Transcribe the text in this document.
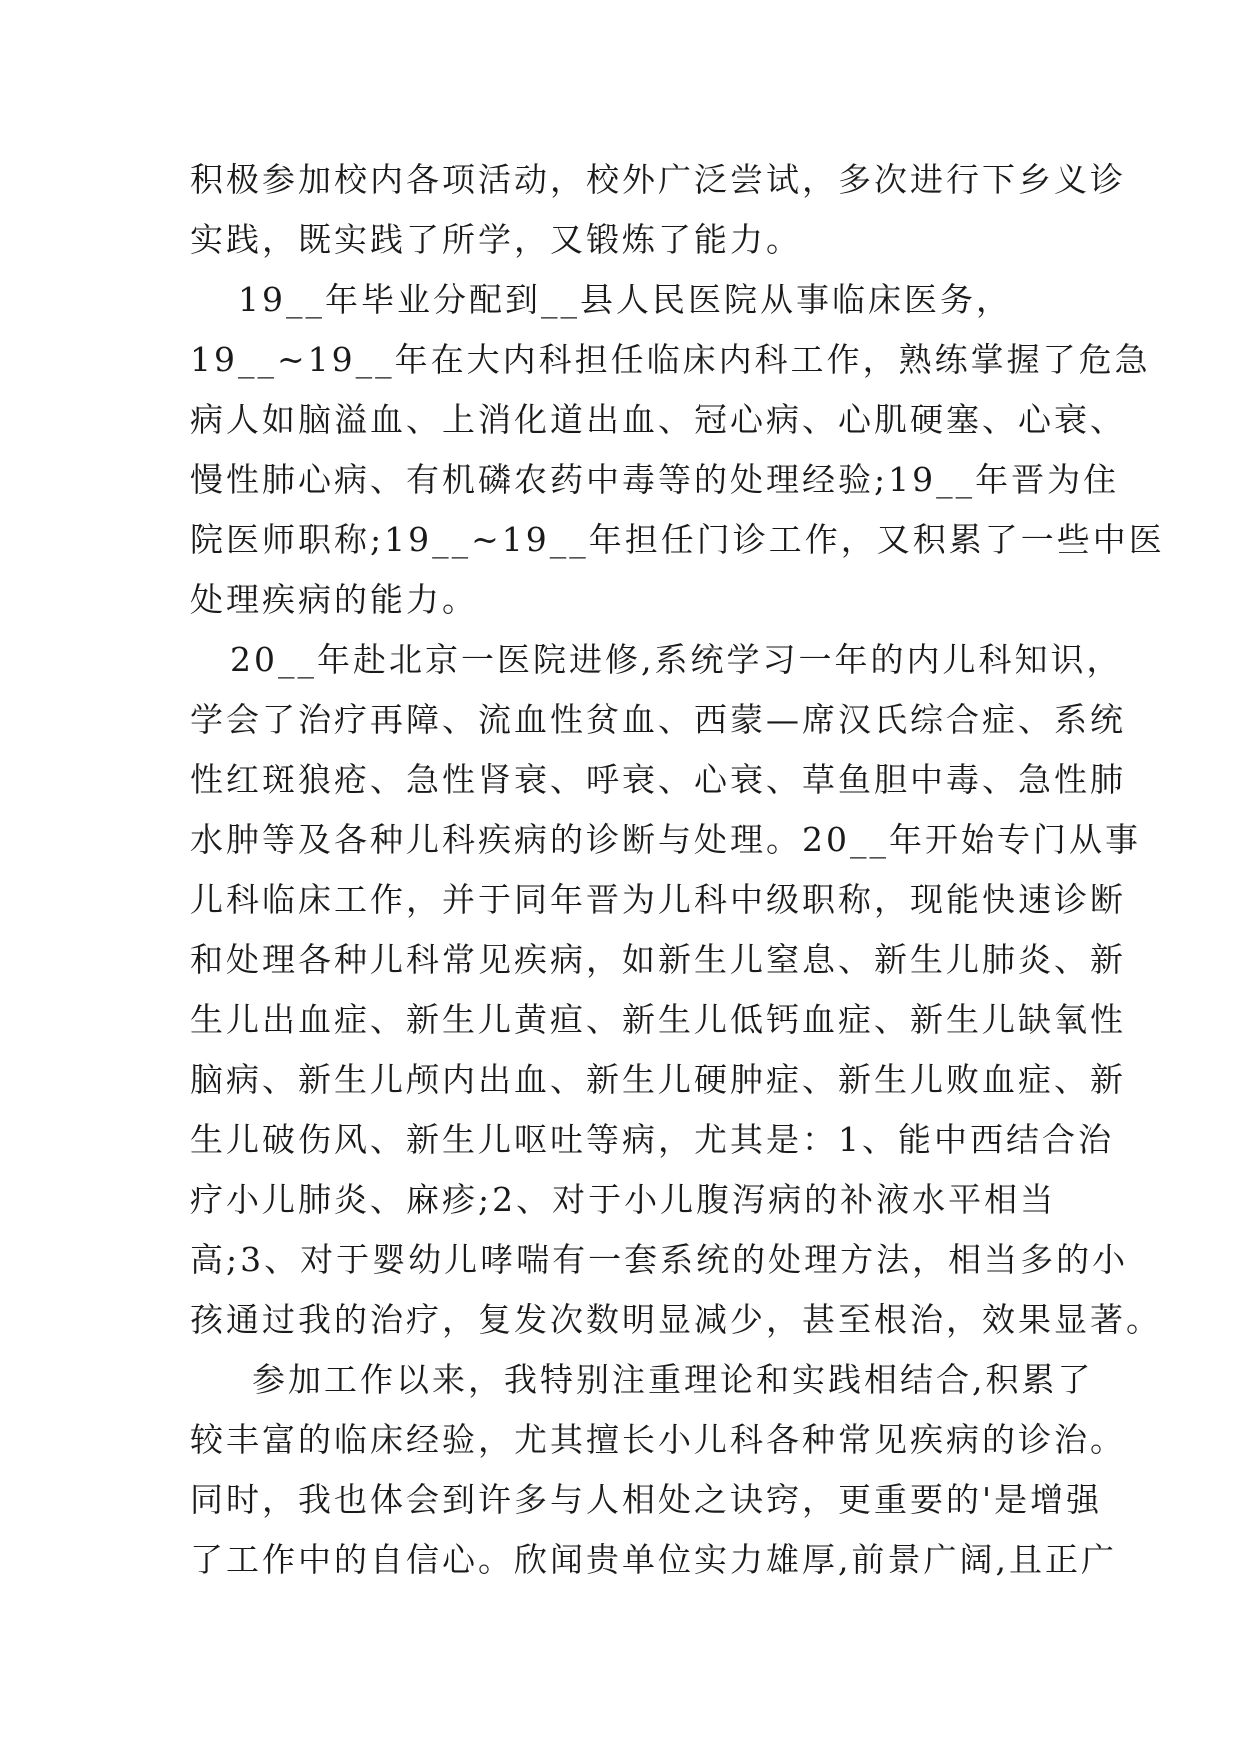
积极参加校内各项活动，校外广泛尝试，多次进行下乡义诊
实践，既实践了所学，又锻炼了能力。
19__年毕业分配到__县人民医院从事临床医务，
19__~19__年在大内科担任临床内科工作，熟练掌握了危急
病人如脑溢血、上消化道出血、冠心病、心肌硬塞、心衰、
慢性肺心病、有机磷农药中毒等的处理经验;19__年晋为住
院医师职称;19__~19__年担任门诊工作，又积累了一些中医
处理疾病的能力。
20__年赴北京一医院进修,系统学习一年的内儿科知识，
学会了治疗再障、流血性贫血、西蒙—席汉氏综合症、系统
性红斑狼疮、急性肾衰、呼衰、心衰、草鱼胆中毒、急性肺
水肿等及各种儿科疾病的诊断与处理。20__年开始专门从事
儿科临床工作，并于同年晋为儿科中级职称，现能快速诊断
和处理各种儿科常见疾病，如新生儿窒息、新生儿肺炎、新
生儿出血症、新生儿黄疸、新生儿低钙血症、新生儿缺氧性
脑病、新生儿颅内出血、新生儿硬肿症、新生儿败血症、新
生儿破伤风、新生儿呕吐等病，尤其是：1、能中西结合治
疗小儿肺炎、麻疹;2、对于小儿腹泻病的补液水平相当
高;3、对于婴幼儿哮喘有一套系统的处理方法，相当多的小
孩通过我的治疗，复发次数明显减少，甚至根治，效果显著。
参加工作以来，我特别注重理论和实践相结合,积累了
较丰富的临床经验，尤其擅长小儿科各种常见疾病的诊治。
同时，我也体会到许多与人相处之诀窍，更重要的'是增强
了工作中的自信心。欣闻贵单位实力雄厚,前景广阔,且正广
